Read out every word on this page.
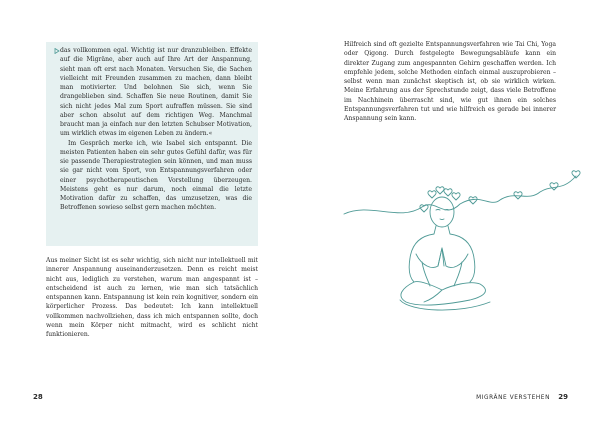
das vollkommen egal. Wichtig ist nur dranzubleiben. Effekte auf die Migräne, aber auch auf Ihre Art der Anspannung, sieht man oft erst nach Monaten. Versuchen Sie, die Sachen vielleicht mit Freunden zusammen zu machen, dann bleibt man motivierter. Und belohnen Sie sich, wenn Sie drangeblieben sind. Schaffen Sie neue Routinen, damit Sie sich nicht jedes Mal zum Sport aufraffen müssen. Sie sind aber schon absolut auf dem richtigen Weg. Manchmal braucht man ja einfach nur den letzten Schubser Motivation, um wirklich etwas im eigenen Leben zu ändern.«

Im Gespräch merke ich, wie Isabel sich entspannt. Die meisten Patienten haben ein sehr gutes Gefühl dafür, was für sie passende Therapiestrategien sein können, und man muss sie gar nicht vom Sport, von Entspannungsverfahren oder einer psychotherapeutischen Vorstellung überzeugen. Meistens geht es nur darum, noch einmal die letzte Motivation dafür zu schaffen, das umzusetzen, was die Betroffenen sowieso selbst gern machen möchten.

Aus meiner Sicht ist es sehr wichtig, sich nicht nur intellektuell mit innerer Anspannung auseinanderzusetzen. Denn es reicht meist nicht aus, lediglich zu verstehen, warum man angespannt ist – entscheidend ist auch zu lernen, wie man sich tatsächlich entspannen kann. Entspannung ist kein rein kognitiver, sondern ein körperlicher Prozess. Das bedeutet: Ich kann intellektuell vollkommen nachvollziehen, dass ich mich entspannen sollte, doch wenn mein Körper nicht mitmacht, wird es schlicht nicht funktionieren.

28

Hilfreich sind oft gezielte Entspannungsverfahren wie Tai Chi, Yoga oder Qigong. Durch festgelegte Bewegungsabläufe kann ein direkter Zugang zum angespannten Gehirn geschaffen werden. Ich empfehle jedem, solche Methoden einfach einmal auszuprobieren – selbst wenn man zunächst skeptisch ist, ob sie wirklich wirken. Meine Erfahrung aus der Sprechstunde zeigt, dass viele Betroffene im Nachhinein überrascht sind, wie gut ihnen ein solches Entspannungsverfahren tut und wie hilfreich es gerade bei innerer Anspannung sein kann.

MIGRÄNE VERSTEHEN 29
